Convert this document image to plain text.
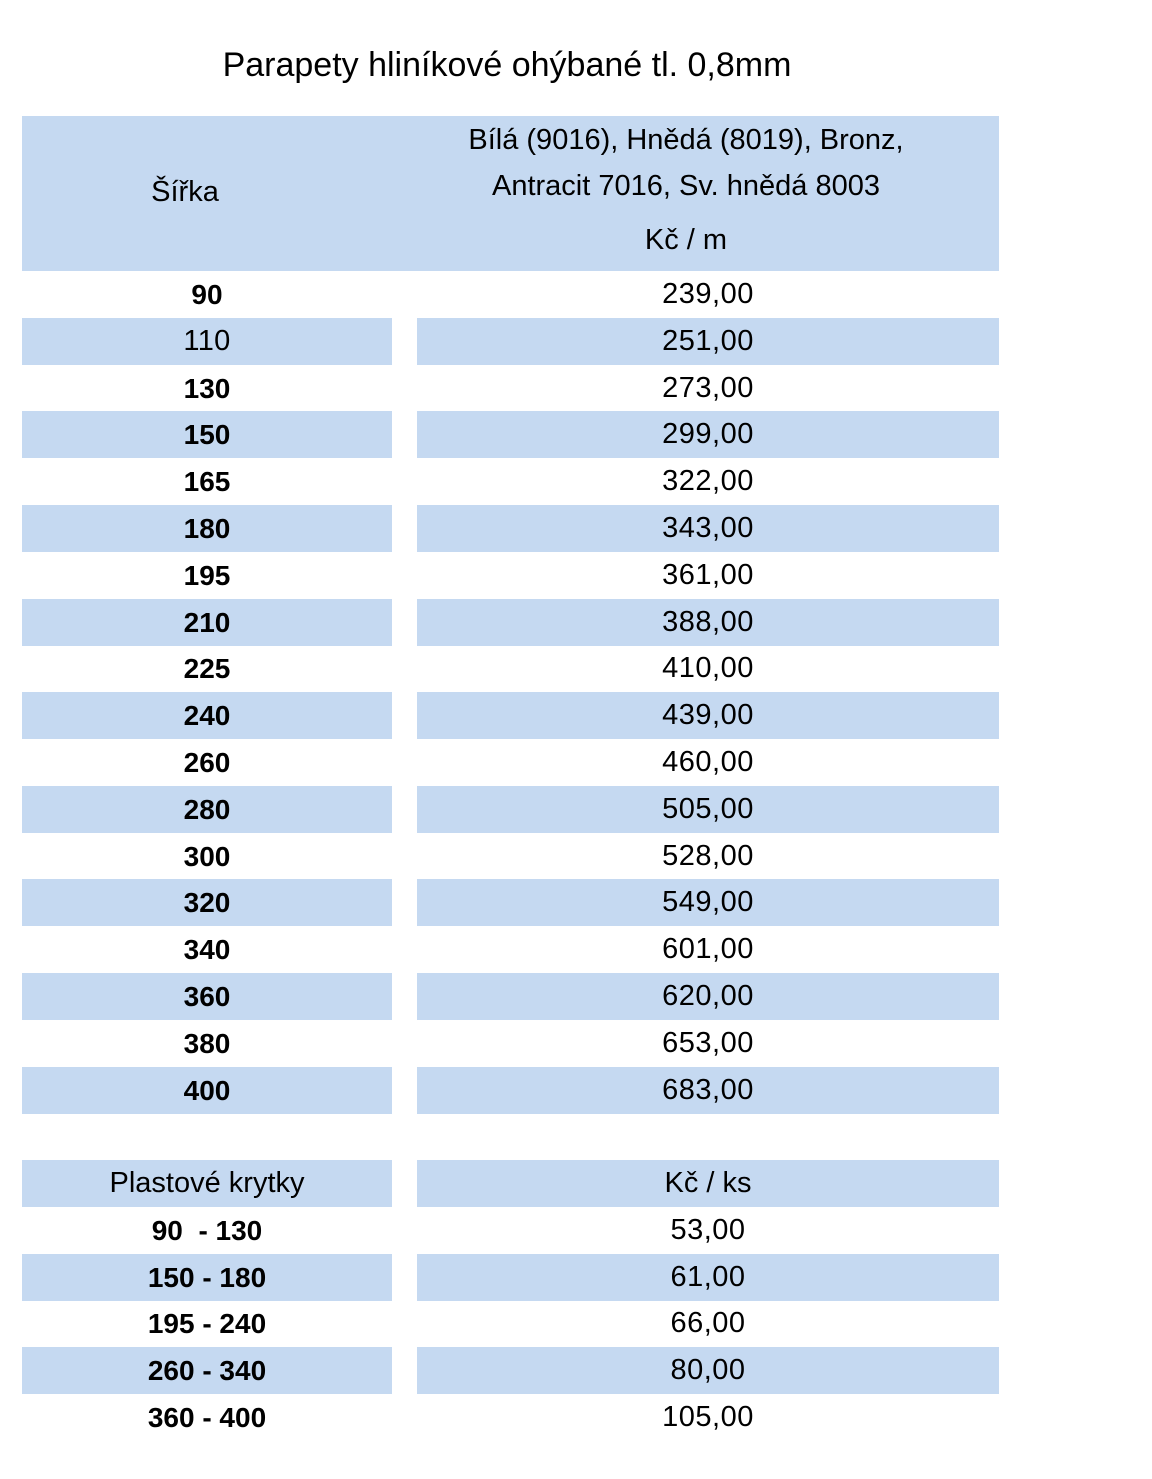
Parapety hliníkové ohýbané tl. 0,8mm
Šířka
Bílá (9016), Hnědá (8019), Bronz,
Antracit 7016, Sv. hnědá 8003
Kč / m
90	239,00
110	251,00
130	273,00
150	299,00
165	322,00
180	343,00
195	361,00
210	388,00
225	410,00
240	439,00
260	460,00
280	505,00
300	528,00
320	549,00
340	601,00
360	620,00
380	653,00
400	683,00
Plastové krytky	Kč / ks
90  - 130	53,00
150 - 180	61,00
195 - 240	66,00
260 - 340	80,00
360 - 400	105,00
